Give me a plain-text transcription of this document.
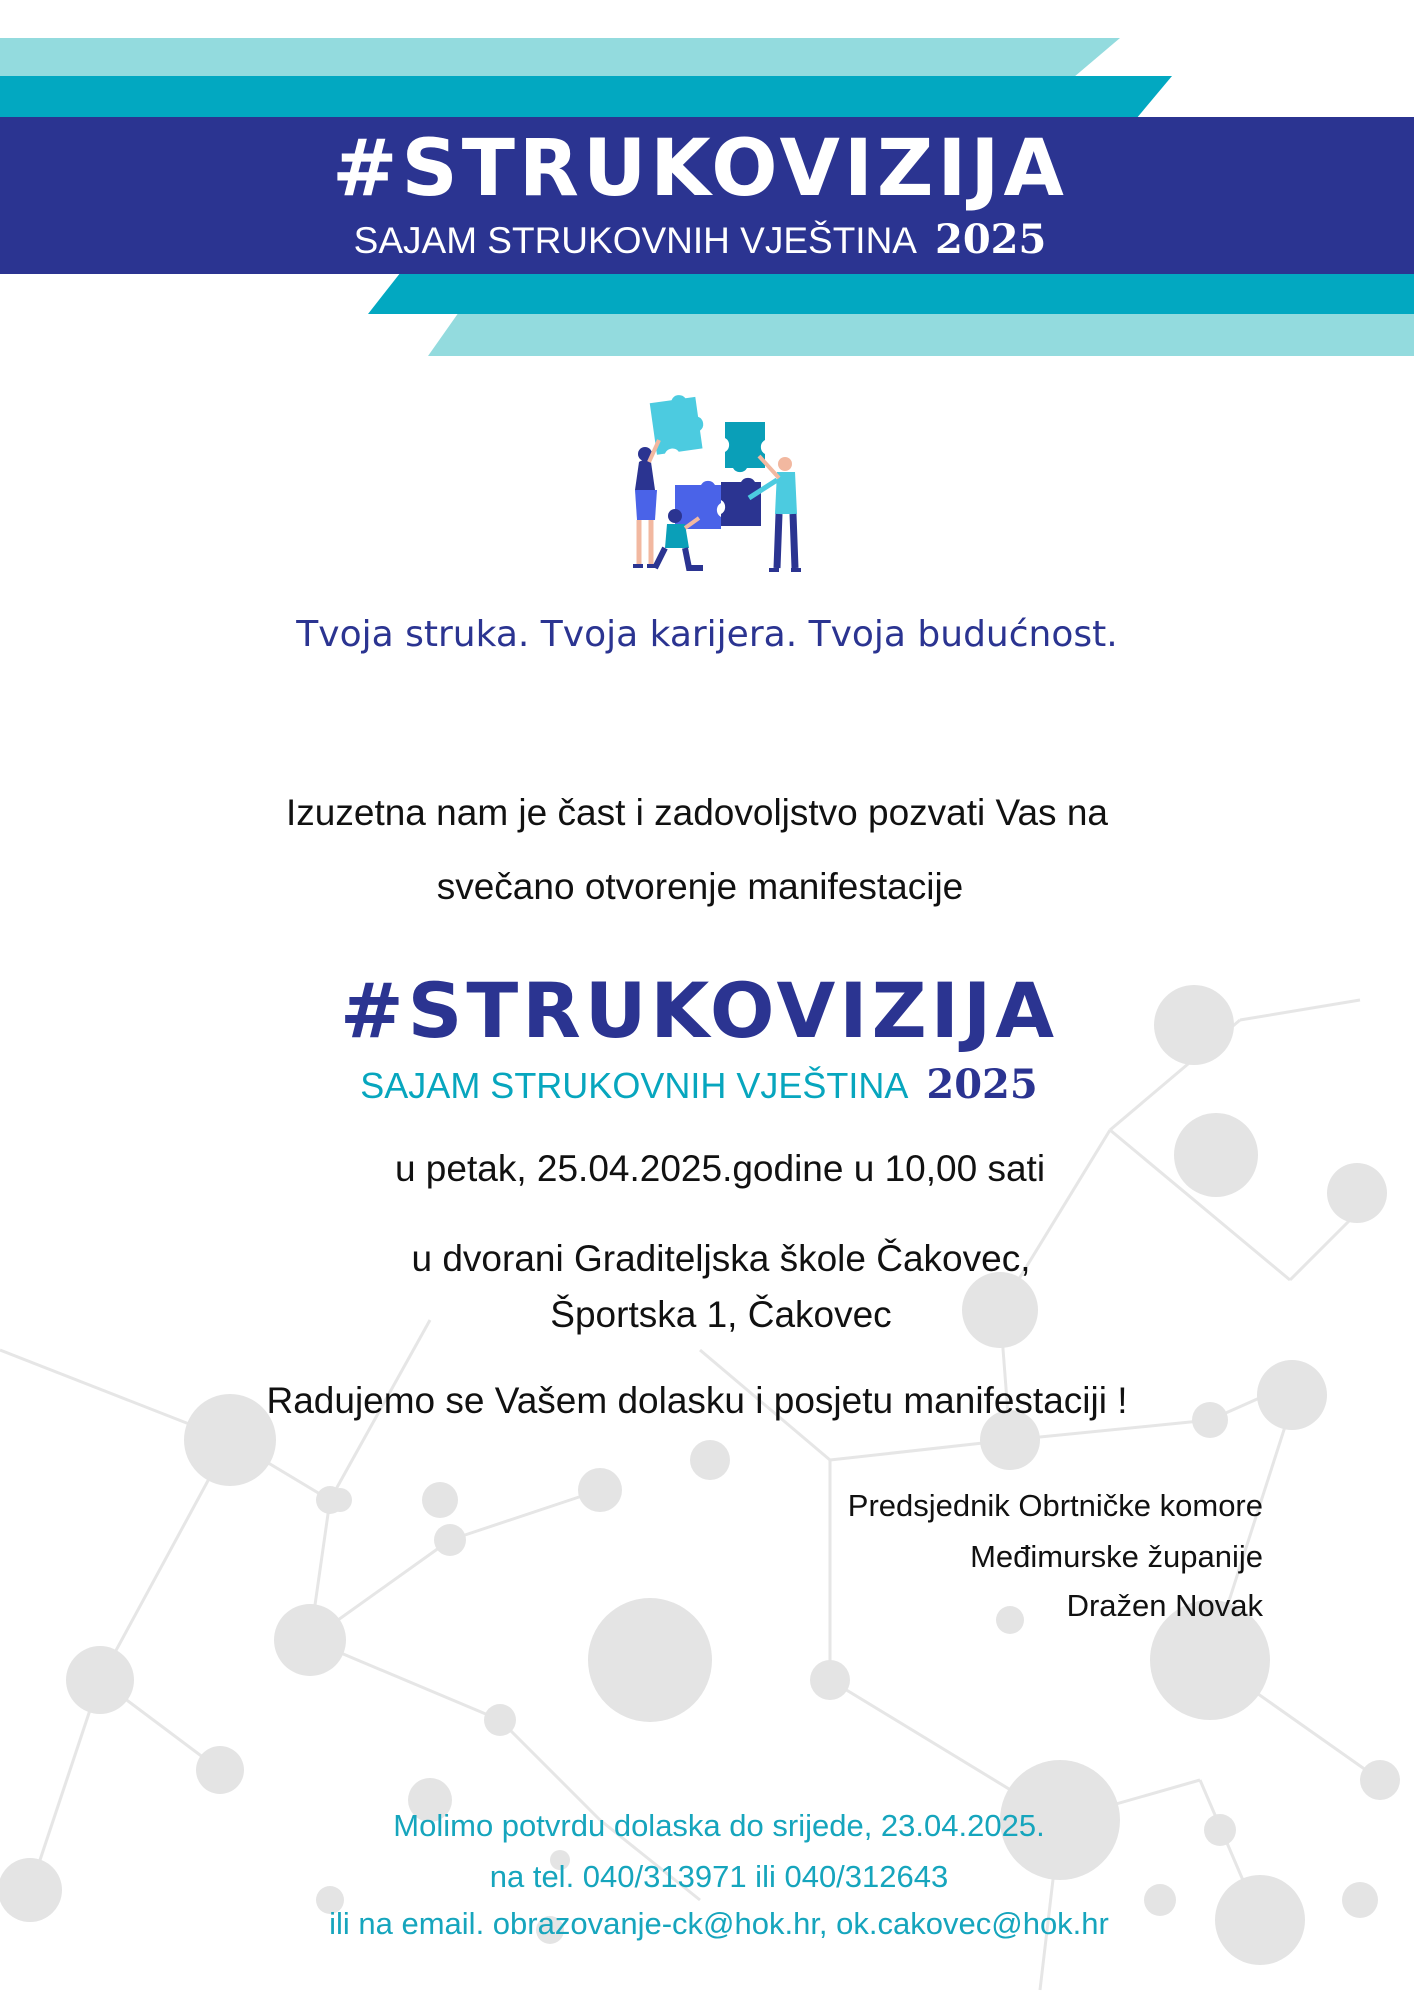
#STRUKOVIZIJA
SAJAM STRUKOVNIH VJEŠTINA 2025
Tvoja struka. Tvoja karijera. Tvoja budućnost.
Izuzetna nam je čast i zadovoljstvo pozvati Vas na
svečano otvorenje manifestacije
#STRUKOVIZIJA
SAJAM STRUKOVNIH VJEŠTINA 2025
u petak, 25.04.2025.godine u 10,00 sati
u dvorani Graditeljska škole Čakovec,
Športska 1, Čakovec
Radujemo se Vašem dolasku i posjetu manifestaciji !
Predsjednik Obrtničke komore
Međimurske županije
Dražen Novak
Molimo potvrdu dolaska do srijede, 23.04.2025.
na tel. 040/313971 ili 040/312643
ili na email. obrazovanje-ck@hok.hr, ok.cakovec@hok.hr
